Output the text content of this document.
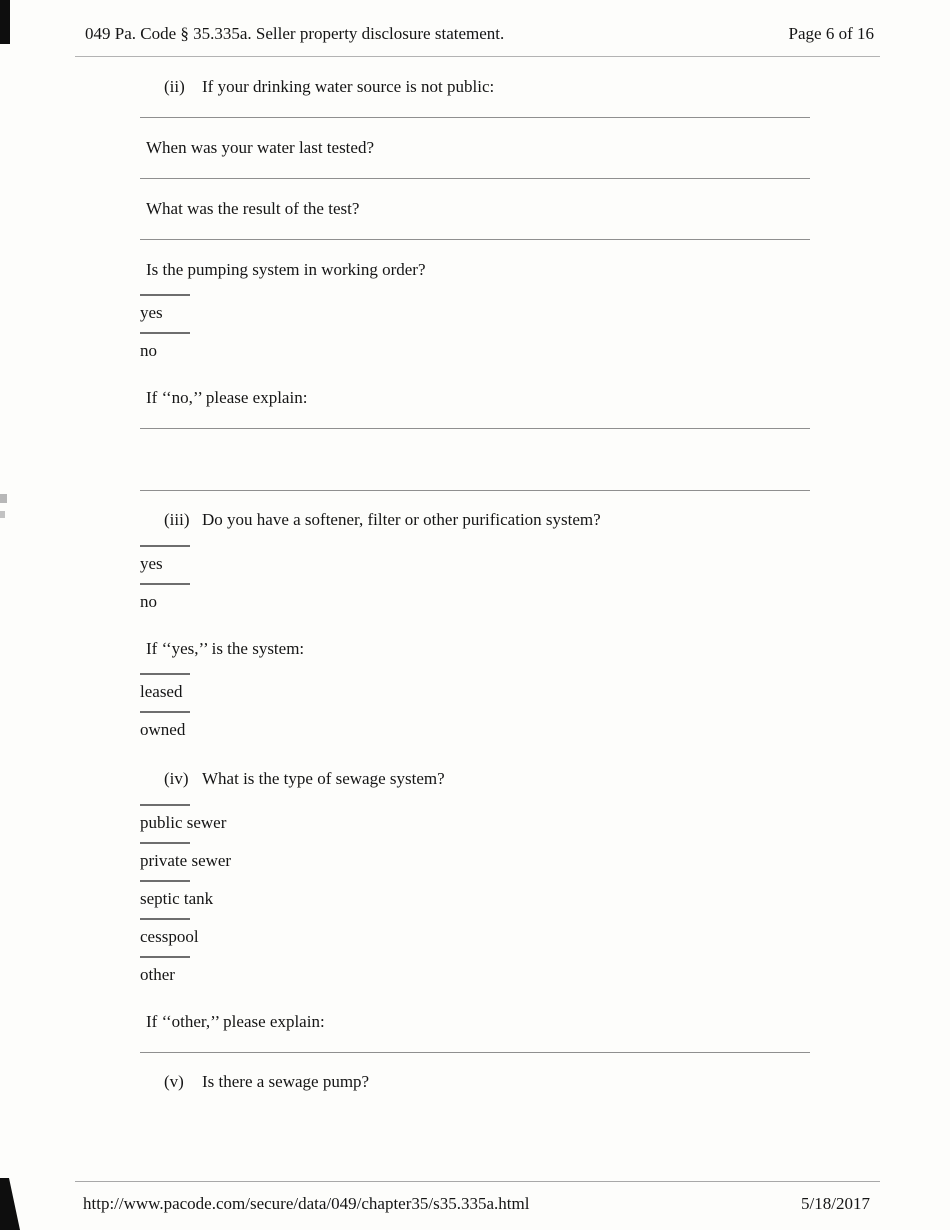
049 Pa. Code § 35.335a. Seller property disclosure statement.	Page 6 of 16
(ii) If your drinking water source is not public:
When was your water last tested?
What was the result of the test?
Is the pumping system in working order?
yes
no
If ‘‘no,’’ please explain:
(iii) Do you have a softener, filter or other purification system?
yes
no
If ‘‘yes,’’ is the system:
leased
owned
(iv) What is the type of sewage system?
public sewer
private sewer
septic tank
cesspool
other
If ‘‘other,’’ please explain:
(v) Is there a sewage pump?
http://www.pacode.com/secure/data/049/chapter35/s35.335a.html	5/18/2017
